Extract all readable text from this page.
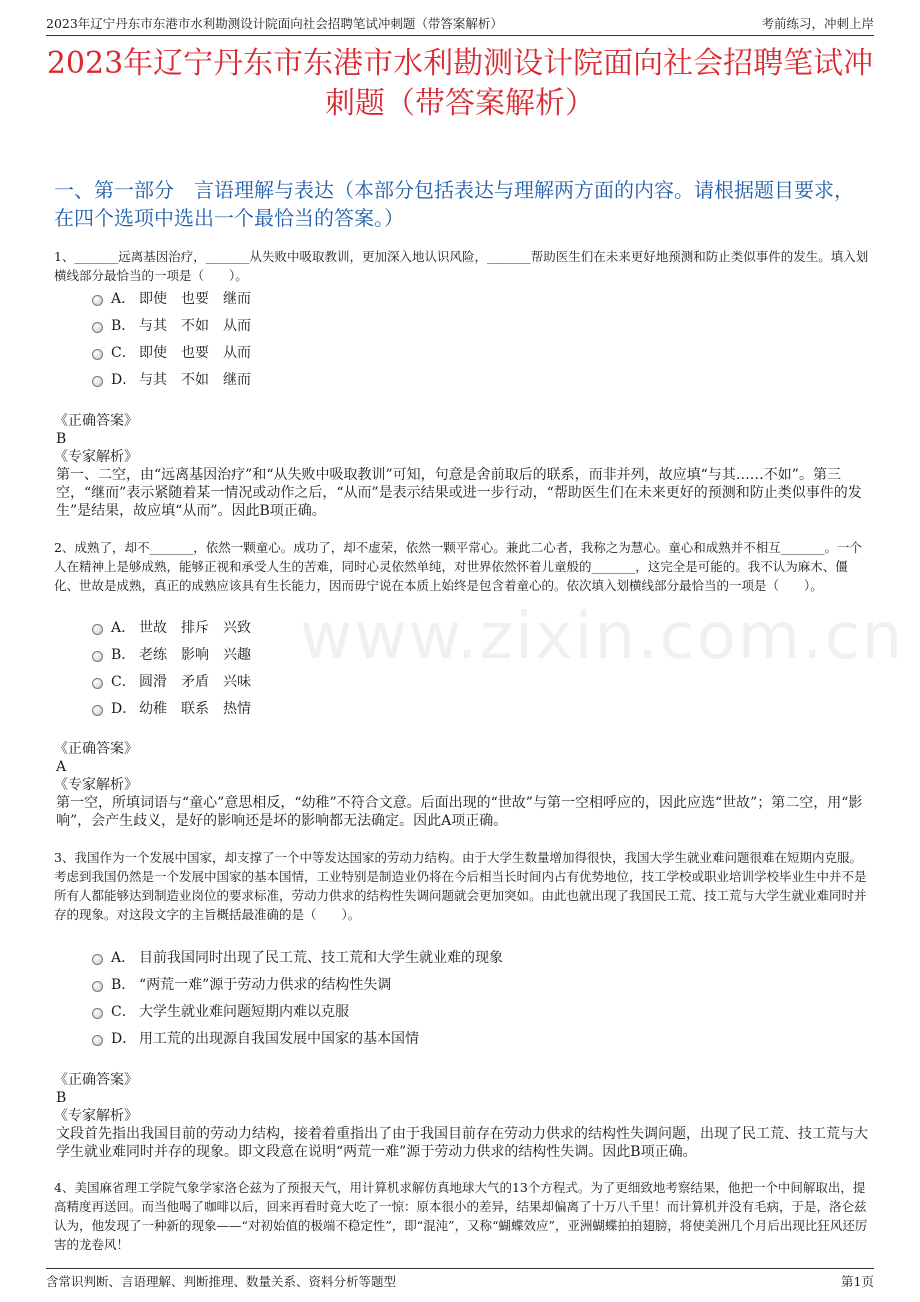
2023年辽宁丹东市东港市水利勘测设计院面向社会招聘笔试冲刺题（带答案解析）	考前练习，冲刺上岸
2023年辽宁丹东市东港市水利勘测设计院面向社会招聘笔试冲刺题（带答案解析）
一、第一部分　言语理解与表达（本部分包括表达与理解两方面的内容。请根据题目要求，在四个选项中选出一个最恰当的答案。）
www.zixin.com.cn
1、_______远离基因治疗，_______从失败中吸取教训，更加深入地认识风险，_______帮助医生们在未来更好地预测和防止类似事件的发生。填入划横线部分最恰当的一项是（　　）。
A． 即使　也要　继而
B． 与其　不如　从而
C． 即使　也要　从而
D． 与其　不如　继而
《正确答案》
B
《专家解析》
第一、二空，由“远离基因治疗”和“从失败中吸取教训”可知，句意是舍前取后的联系，而非并列，故应填“与其……不如”。第三空，“继而”表示紧随着某一情况或动作之后，“从而”是表示结果或进一步行动，“帮助医生们在未来更好的预测和防止类似事件的发生”是结果，故应填“从而”。因此B项正确。
2、成熟了，却不_______，依然一颗童心。成功了，却不虚荣，依然一颗平常心。兼此二心者，我称之为慧心。童心和成熟并不相互_______。一个人在精神上是够成熟，能够正视和承受人生的苦难，同时心灵依然单纯，对世界依然怀着儿童般的_______，这完全是可能的。我不认为麻木、僵化、世故是成熟，真正的成熟应该具有生长能力，因而毋宁说在本质上始终是包含着童心的。依次填入划横线部分最恰当的一项是（　　）。
A． 世故　排斥　兴致
B． 老练　影响　兴趣
C． 圆滑　矛盾　兴味
D． 幼稚　联系　热情
《正确答案》
A
《专家解析》
第一空，所填词语与“童心”意思相反，“幼稚”不符合文意。后面出现的“世故”与第一空相呼应的，因此应选“世故”；第二空，用“影响”，会产生歧义，是好的影响还是坏的影响都无法确定。因此A项正确。
3、我国作为一个发展中国家，却支撑了一个中等发达国家的劳动力结构。由于大学生数量增加得很快，我国大学生就业难问题很难在短期内克服。考虑到我国仍然是一个发展中国家的基本国情，工业特别是制造业仍将在今后相当长时间内占有优势地位，技工学校或职业培训学校毕业生中并不是所有人都能够达到制造业岗位的要求标准，劳动力供求的结构性失调问题就会更加突如。由此也就出现了我国民工荒、技工荒与大学生就业难同时并存的现象。对这段文字的主旨概括最准确的是（　　）。
A． 目前我国同时出现了民工荒、技工荒和大学生就业难的现象
B． “两荒一难”源于劳动力供求的结构性失调
C． 大学生就业难问题短期内难以克服
D． 用工荒的出现源自我国发展中国家的基本国情
《正确答案》
B
《专家解析》
文段首先指出我国目前的劳动力结构，接着着重指出了由于我国目前存在劳动力供求的结构性失调问题，出现了民工荒、技工荒与大学生就业难同时并存的现象。即文段意在说明“两荒一难”源于劳动力供求的结构性失调。因此B项正确。
4、美国麻省理工学院气象学家洛仑兹为了预报天气，用计算机求解仿真地球大气的13个方程式。为了更细致地考察结果，他把一个中间解取出，提高精度再送回。而当他喝了咖啡以后，回来再看时竟大吃了一惊：原本很小的差异，结果却偏离了十万八千里！而计算机并没有毛病，于是，洛仑兹认为，他发现了一种新的现象——“对初始值的极端不稳定性”，即“混沌”，又称“蝴蝶效应”，亚洲蝴蝶拍拍翅膀，将使美洲几个月后出现比狂风还厉害的龙卷风！
含常识判断、言语理解、判断推理、数量关系、资料分析等题型	第1页
